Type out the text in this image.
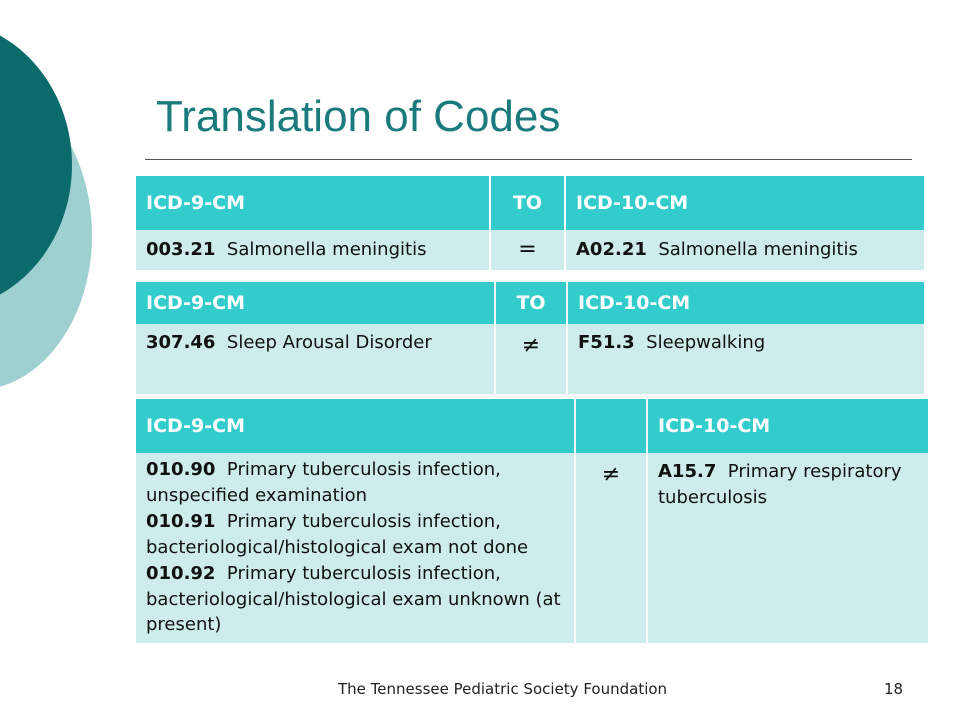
Translation of Codes
ICD-9-CM	TO	ICD-10-CM
003.21 Salmonella meningitis	=	A02.21 Salmonella meningitis
ICD-9-CM	TO	ICD-10-CM
307.46 Sleep Arousal Disorder	≠	F51.3 Sleepwalking
ICD-9-CM		ICD-10-CM

010.90 Primary tuberculosis infection, unspecified examination
010.91 Primary tuberculosis infection, bacteriological/histological exam not done
010.92 Primary tuberculosis infection, bacteriological/histological exam unknown (at present)	≠	A15.7 Primary respiratory tuberculosis
The Tennessee Pediatric Society Foundation	18
